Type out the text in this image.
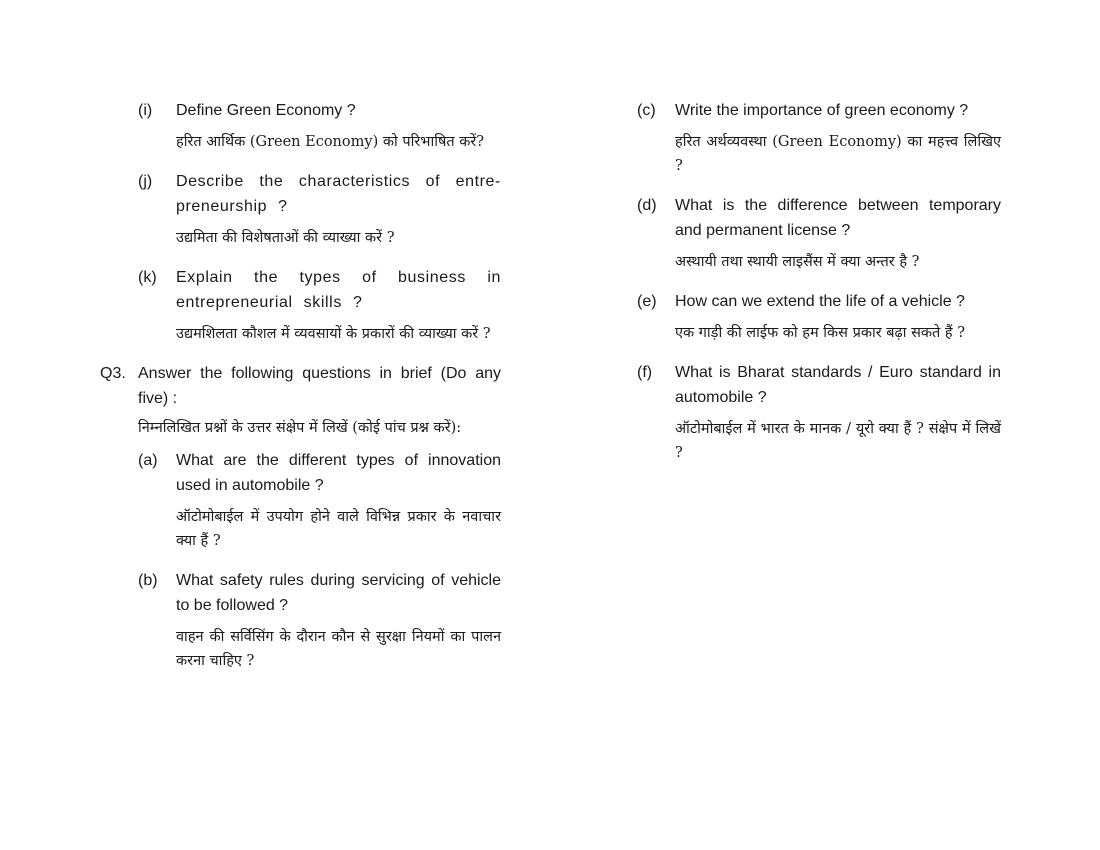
(i)	Define Green Economy ?

हरित आर्थिक (Green Economy) को परिभाषित करें?

(j)	Describe the characteristics of entre-preneurship ?

उद्यमिता की विशेषताओं की व्याख्या करें ?

(k)	Explain the types of business in entrepreneurial skills ?

उद्यमशिलता कौशल में व्यवसायों के प्रकारों की व्याख्या करें ?

Q3. Answer the following questions in brief (Do any five) :

निम्नलिखित प्रश्नों के उत्तर संक्षेप में लिखें (कोई पांच प्रश्न करें):

(a)	What are the different types of innovation used in automobile ?

ऑटोमोबाईल में उपयोग होने वाले विभिन्न प्रकार के नवाचार क्या हैं ?

(b)	What safety rules during servicing of vehicle to be followed ?

वाहन की सर्विसिंग के दौरान कौन से सुरक्षा नियमों का पालन करना चाहिए ?

(c)	Write the importance of green economy ?

हरित अर्थव्यवस्था (Green Economy) का महत्त्व लिखिए ?

(d)	What is the difference between temporary and permanent license ?

अस्थायी तथा स्थायी लाइसैंस में क्या अन्तर है ?

(e)	How can we extend the life of a vehicle ?

एक गाड़ी की लाईफ को हम किस प्रकार बढ़ा सकते हैं ?

(f)	What is Bharat standards / Euro standard in automobile ?

ऑटोमोबाईल में भारत के मानक / यूरो क्या हैं ? संक्षेप में लिखें ?
